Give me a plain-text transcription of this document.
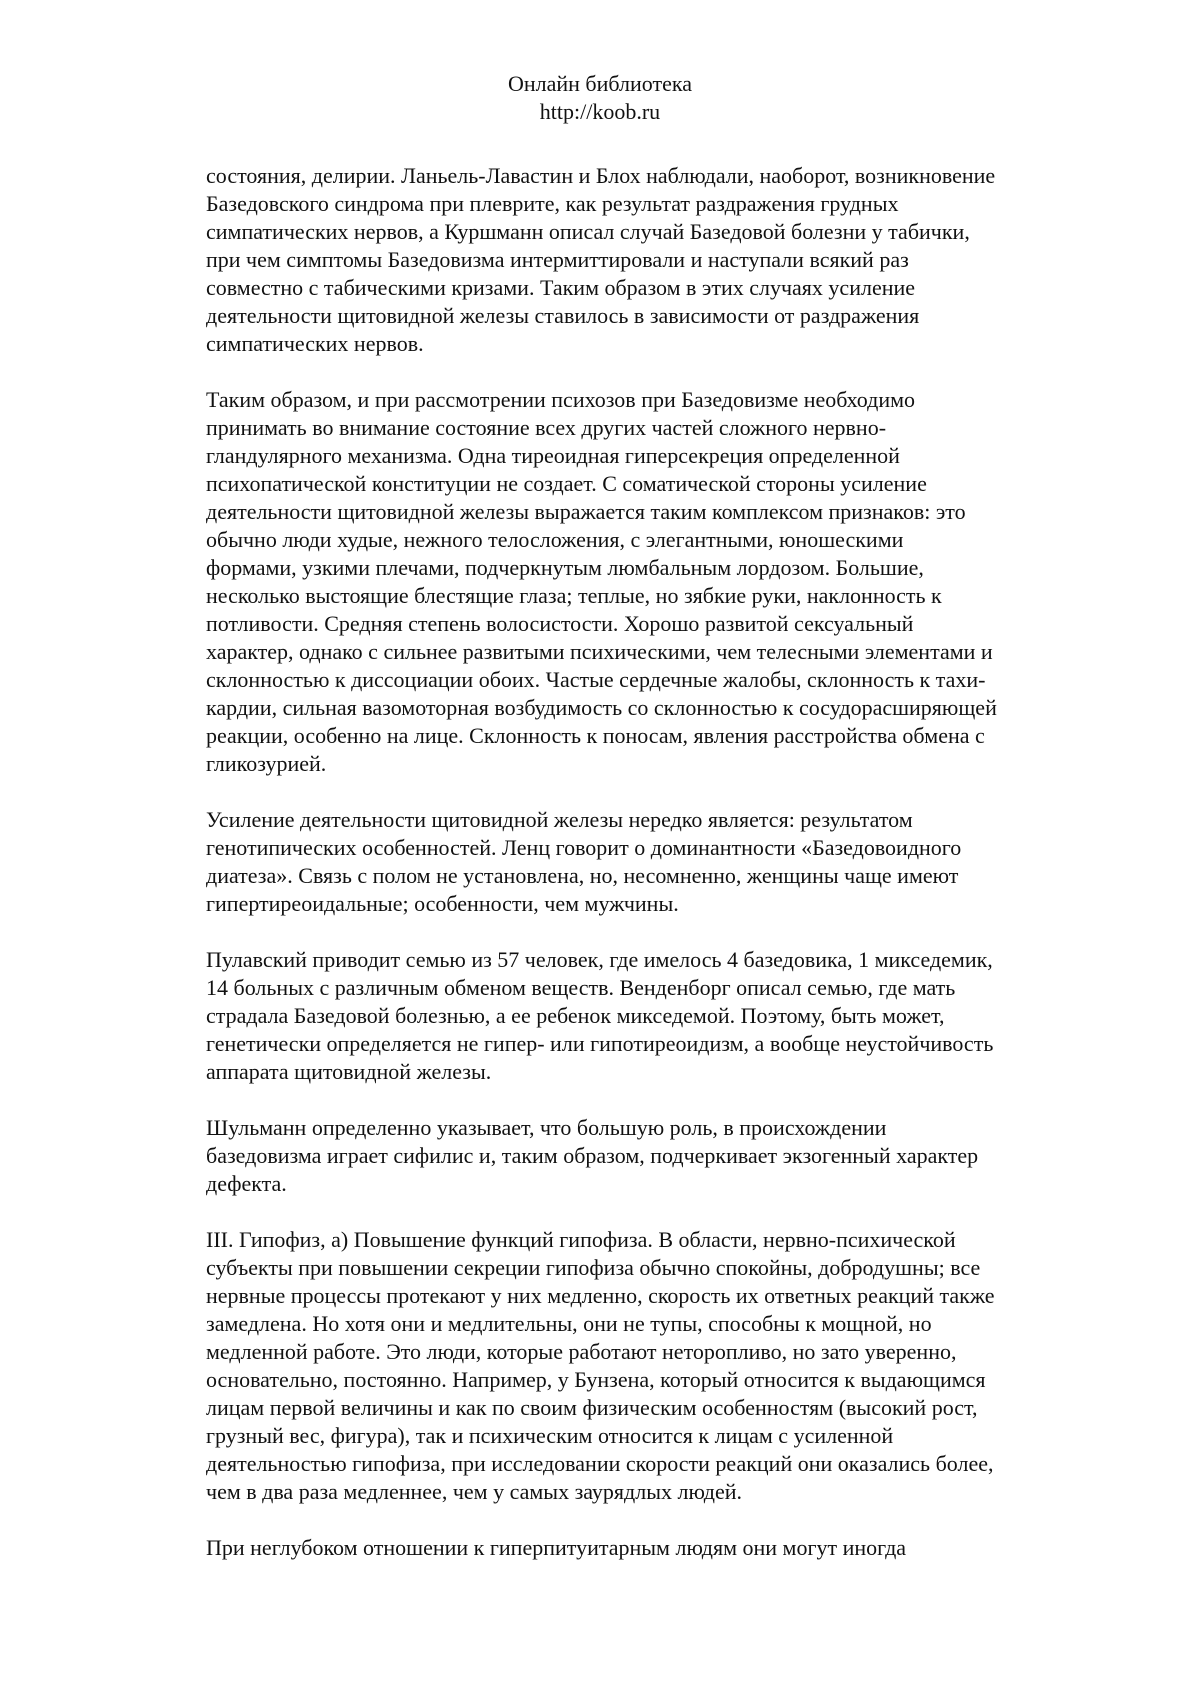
Онлайн библиотека
http://koob.ru
состояния, делирии. Ланьель-Лавастин и Блох наблюдали, наоборот, возникновение
Базедовского синдрома при плеврите, как результат раздражения грудных
симпатических нервов, а Куршманн описал случай Базедовой болезни у табички,
при чем симптомы Базедовизма интермиттировали и наступали всякий раз
совместно с табическими кризами. Таким образом в этих случаях усиление
деятельности щитовидной железы ставилось в зависимости от раздражения
симпатических нервов.
Таким образом, и при рассмотрении психозов при Базедовизме необходимо
принимать во внимание состояние всех других частей сложного нервно-
гландулярного механизма. Одна тиреоидная гиперсекреция определенной
психопатической конституции не создает. С соматической стороны усиление
деятельности щитовидной железы выражается таким комплексом признаков: это
обычно люди худые, нежного телосложения, с элегантными, юношескими
формами, узкими плечами, подчеркнутым люмбальным лордозом. Большие,
несколько выстоящие блестящие глаза; теплые, но зябкие руки, наклонность к
потливости. Средняя степень волосистости. Хорошо развитой сексуальный
характер, однако с сильнее развитыми психическими, чем телесными элементами и
склонностью к диссоциации обоих. Частые сердечные жалобы, склонность к тахи-
кардии, сильная вазомоторная возбудимость со склонностью к сосудорасширяющей
реакции, особенно на лице. Склонность к поносам, явления расстройства обмена с
гликозурией.
Усиление деятельности щитовидной железы нередко является: результатом
генотипических особенностей. Ленц говорит о доминантности «Базедовоидного
диатеза». Связь с полом не установлена, но, несомненно, женщины чаще имеют
гипертиреоидальные; особенности, чем мужчины.
Пулавский приводит семью из 57 человек, где имелось 4 базедовика, 1 микседемик,
14 больных с различным обменом веществ. Венденборг описал семью, где мать
страдала Базедовой болезнью, а ее ребенок микседемой. Поэтому, быть может,
генетически определяется не гипер- или гипотиреоидизм, а вообще неустойчивость
аппарата щитовидной железы.
Шульманн определенно указывает, что большую роль, в происхождении
базедовизма играет сифилис и, таким образом, подчеркивает экзогенный характер
дефекта.
III. Гипофиз, а) Повышение функций гипофиза. В области, нервно-психической
субъекты при повышении секреции гипофиза обычно спокойны, добродушны; все
нервные процессы протекают у них медленно, скорость их ответных реакций также
замедлена. Но хотя они и медлительны, они не тупы, способны к мощной, но
медленной работе. Это люди, которые работают неторопливо, но зато уверенно,
основательно, постоянно. Например, у Бунзена, который относится к выдающимся
лицам первой величины и как по своим физическим особенностям (высокий рост,
грузный вес, фигура), так и психическим относится к лицам с усиленной
деятельностью гипофиза, при исследовании скорости реакций они оказались более,
чем в два раза медленнее, чем у самых заурядлых людей.
При неглубоком отношении к гиперпитуитарным людям они могут иногда
